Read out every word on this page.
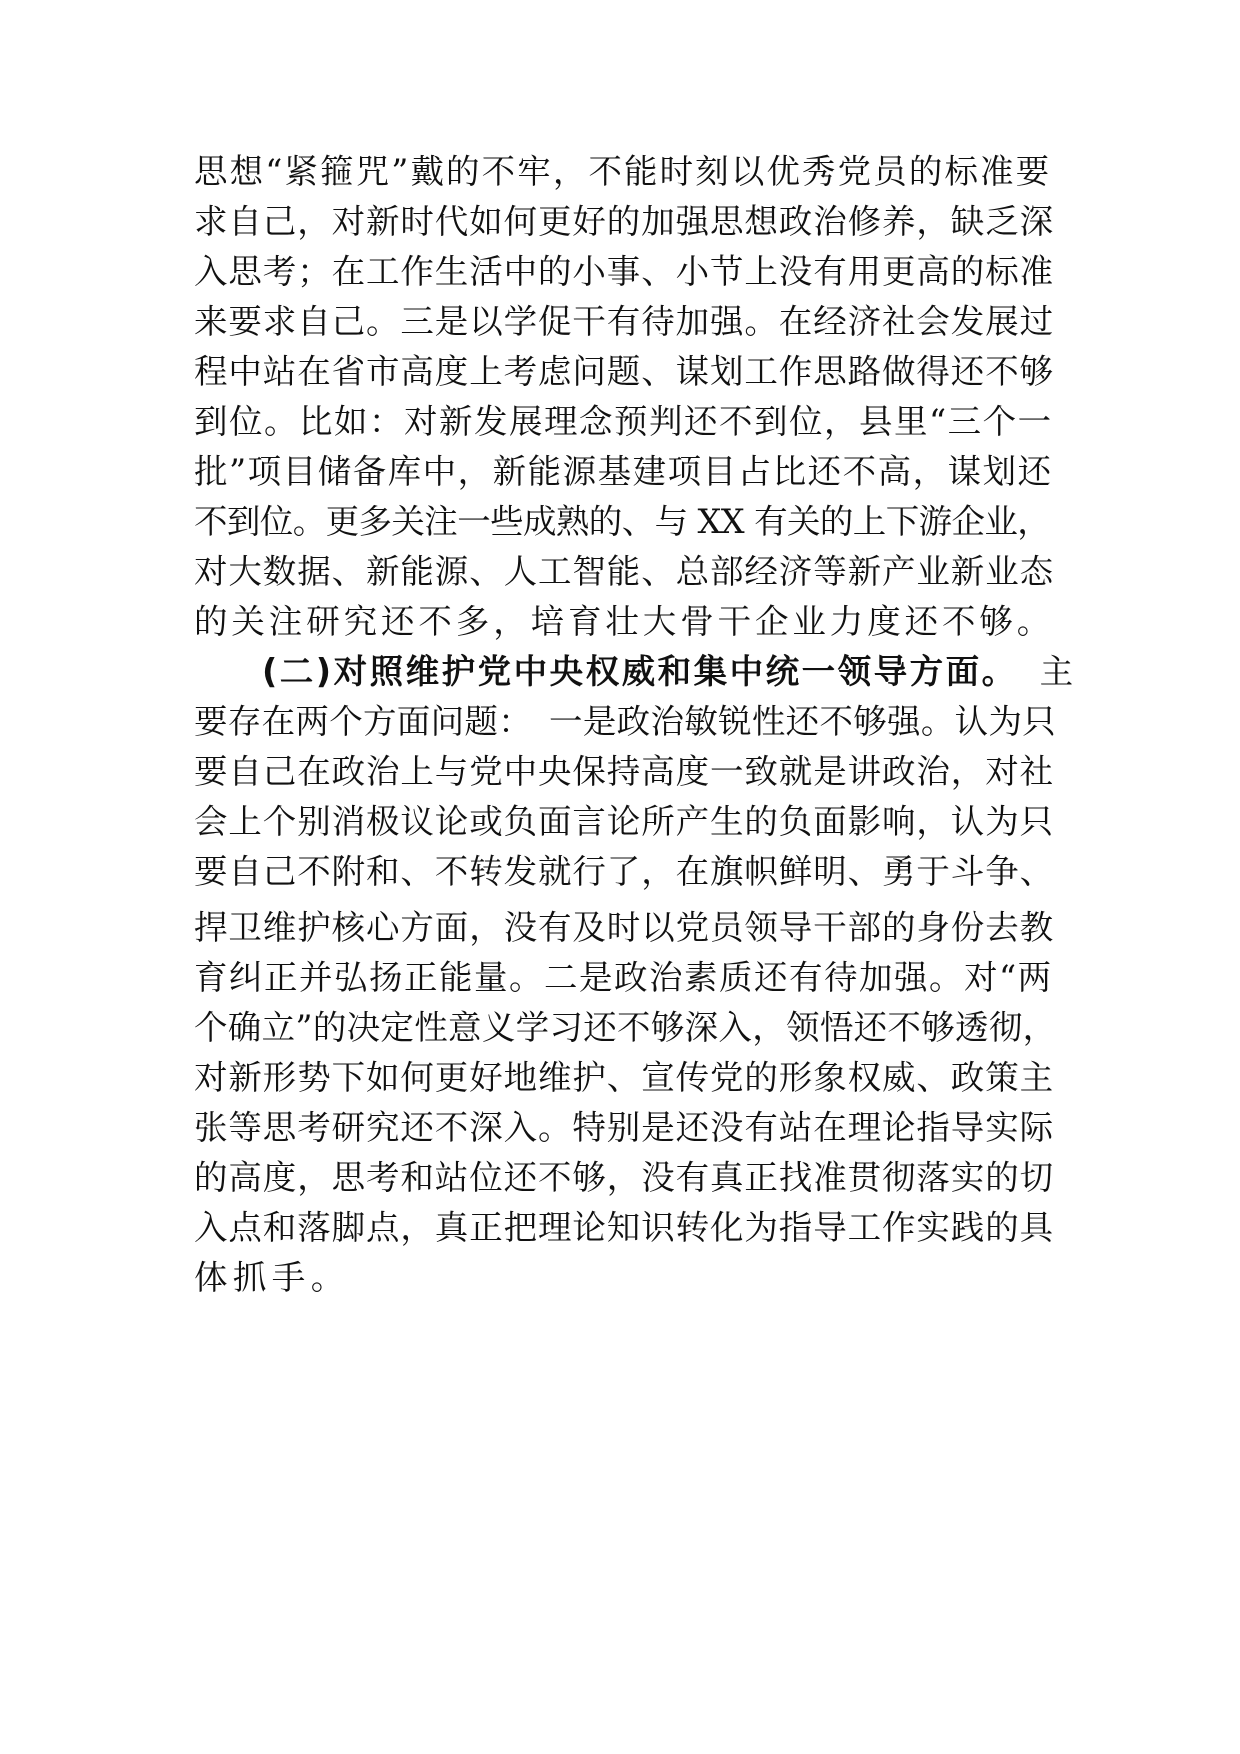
思想“紧箍咒”戴的不牢，不能时刻以优秀党员的标准要
求自己，对新时代如何更好的加强思想政治修养，缺乏深
入思考；在工作生活中的小事、小节上没有用更高的标准
来要求自己。三是以学促干有待加强。在经济社会发展过
程中站在省市高度上考虑问题、谋划工作思路做得还不够
到位。比如：对新发展理念预判还不到位，县里“三个一
批”项目储备库中，新能源基建项目占比还不高，谋划还
不到位。更多关注一些成熟的、与 XX 有关的上下游企业，
对大数据、新能源、人工智能、总部经济等新产业新业态
的关注研究还不多，培育壮大骨干企业力度还不够。
(二)对照维护党中央权威和集中统一领导方面。 主
要存在两个方面问题：　一是政治敏锐性还不够强。认为只
要自己在政治上与党中央保持高度一致就是讲政治，对社
会上个别消极议论或负面言论所产生的负面影响，认为只
要自己不附和、不转发就行了，在旗帜鲜明、勇于斗争、
捍卫维护核心方面，没有及时以党员领导干部的身份去教
育纠正并弘扬正能量。二是政治素质还有待加强。对“两
个确立”的决定性意义学习还不够深入，领悟还不够透彻，
对新形势下如何更好地维护、宣传党的形象权威、政策主
张等思考研究还不深入。特别是还没有站在理论指导实际
的高度，思考和站位还不够，没有真正找准贯彻落实的切
入点和落脚点，真正把理论知识转化为指导工作实践的具
体抓手。
